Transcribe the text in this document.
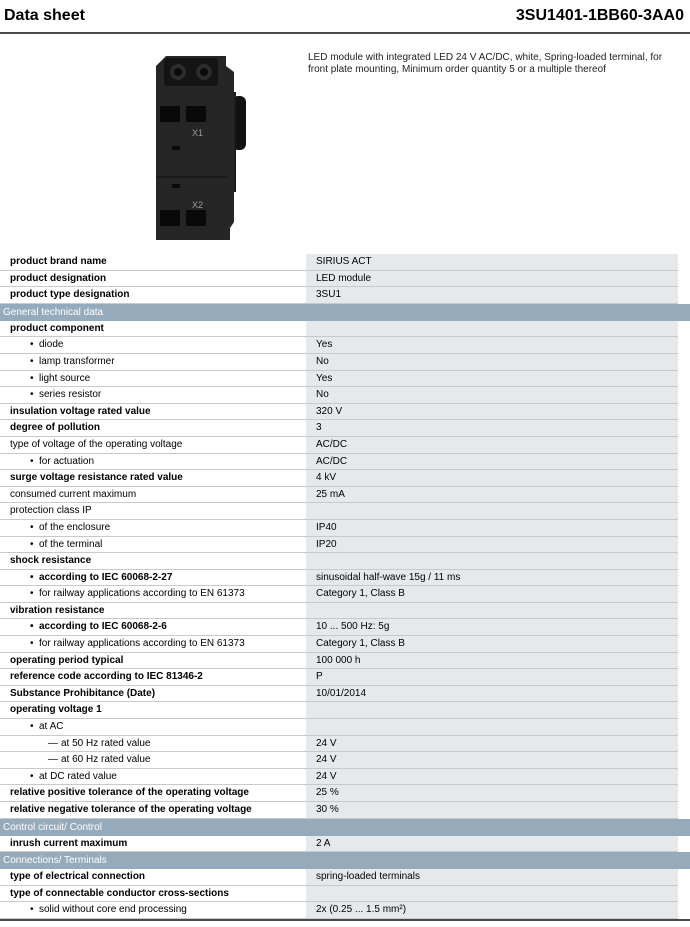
Data sheet	3SU1401-1BB60-3AA0
X1
X2
LED module with integrated LED 24 V AC/DC, white, Spring-loaded terminal, for front plate mounting, Minimum order quantity 5 or a multiple thereof
product brand name	SIRIUS ACT
product designation	LED module
product type designation	3SU1
General technical data
product component
• diode	Yes
• lamp transformer	No
• light source	Yes
• series resistor	No
insulation voltage rated value	320 V
degree of pollution	3
type of voltage of the operating voltage	AC/DC
• for actuation	AC/DC
surge voltage resistance rated value	4 kV
consumed current maximum	25 mA
protection class IP
• of the enclosure	IP40
• of the terminal	IP20
shock resistance
• according to IEC 60068-2-27	sinusoidal half-wave 15g / 11 ms
• for railway applications according to EN 61373	Category 1, Class B
vibration resistance
• according to IEC 60068-2-6	10 ... 500 Hz: 5g
• for railway applications according to EN 61373	Category 1, Class B
operating period typical	100 000 h
reference code according to IEC 81346-2	P
Substance Prohibitance (Date)	10/01/2014
operating voltage 1
• at AC
— at 50 Hz rated value	24 V
— at 60 Hz rated value	24 V
• at DC rated value	24 V
relative positive tolerance of the operating voltage	25 %
relative negative tolerance of the operating voltage	30 %
Control circuit/ Control
inrush current maximum	2 A
Connections/ Terminals
type of electrical connection	spring-loaded terminals
type of connectable conductor cross-sections
• solid without core end processing	2x (0.25 ... 1.5 mm²)
